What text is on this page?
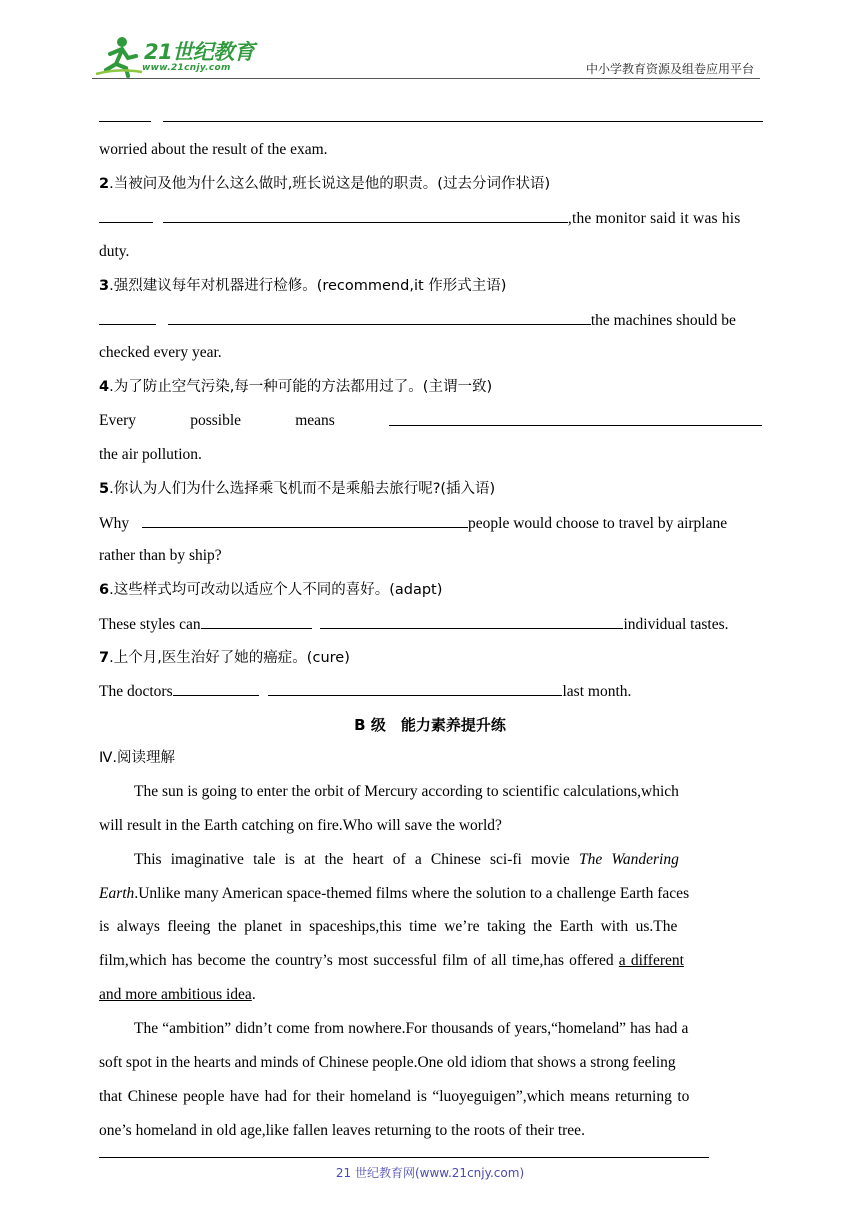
21世纪教育
www.21cnjy.com	中小学教育资源及组卷应用平台

worried about the result of the exam.
2.当被问及他为什么这么做时,班长说这是他的职责。(过去分词作状语)
,the monitor said it was his
duty.
3.强烈建议每年对机器进行检修。(recommend,it 作形式主语)
the machines should be
checked every year.
4.为了防止空气污染,每一种可能的方法都用过了。(主谓一致)
Every	possible	means
the air pollution.
5.你认为人们为什么选择乘飞机而不是乘船去旅行呢?(插入语)
Why	people would choose to travel by airplane
rather than by ship?
6.这些样式均可改动以适应个人不同的喜好。(adapt)
These styles can	individual tastes.
7.上个月,医生治好了她的癌症。(cure)
The doctors	last month.
B 级　能力素养提升练
Ⅳ.阅读理解
The sun is going to enter the orbit of Mercury according to scientific calculations,which
will result in the Earth catching on fire.Who will save the world?
This imaginative tale is at the heart of a Chinese sci-fi movie The Wandering
Earth.Unlike many American space-themed films where the solution to a challenge Earth faces
is always fleeing the planet in spaceships,this time we’re taking the Earth with us.The
film,which has become the country’s most successful film of all time,has offered a different
and more ambitious idea.
The “ambition” didn’t come from nowhere.For thousands of years,“homeland” has had a
soft spot in the hearts and minds of Chinese people.One old idiom that shows a strong feeling
that Chinese people have had for their homeland is “luoyeguigen”,which means returning to
one’s homeland in old age,like fallen leaves returning to the roots of their tree.
21 世纪教育网(www.21cnjy.com)
